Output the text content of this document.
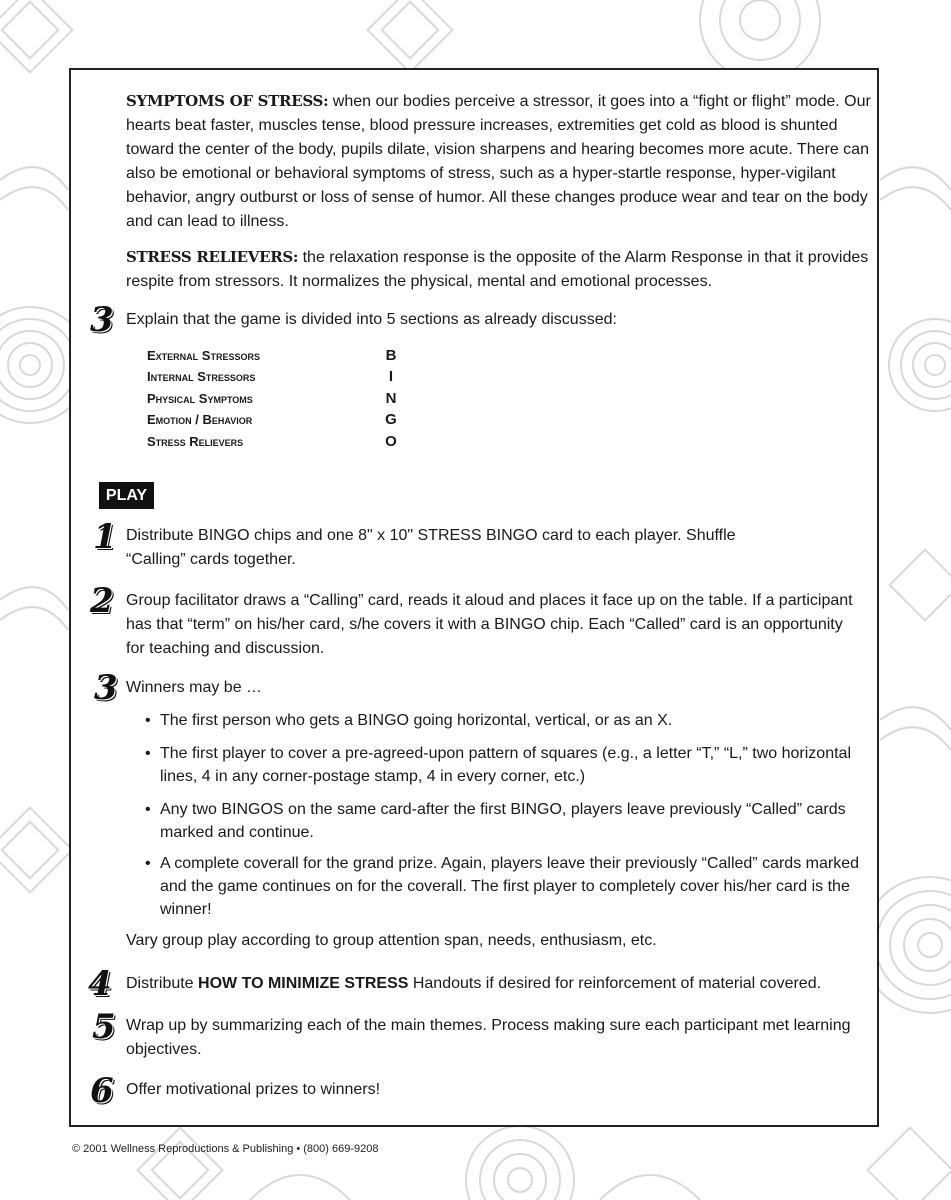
SYMPTOMS OF STRESS: when our bodies perceive a stressor, it goes into a “fight or flight” mode. Our hearts beat faster, muscles tense, blood pressure increases, extremities get cold as blood is shunted toward the center of the body, pupils dilate, vision sharpens and hearing becomes more acute. There can also be emotional or behavioral symptoms of stress, such as a hyper-startle response, hyper-vigilant behavior, angry outburst or loss of sense of humor. All these changes produce wear and tear on the body and can lead to illness.
STRESS RELIEVERS: the relaxation response is the opposite of the Alarm Response in that it provides respite from stressors. It normalizes the physical, mental and emotional processes.
3 Explain that the game is divided into 5 sections as already discussed:
External Stressors	B
Internal Stressors	I
Physical Symptoms	N
Emotion / Behavior	G
Stress Relievers	O
PLAY
1 Distribute BINGO chips and one 8" x 10" STRESS BINGO card to each player. Shuffle “Calling” cards together.
2 Group facilitator draws a “Calling” card, reads it aloud and places it face up on the table. If a participant has that “term” on his/her card, s/he covers it with a BINGO chip. Each “Called” card is an opportunity for teaching and discussion.
3 Winners may be …
• The first person who gets a BINGO going horizontal, vertical, or as an X.
• The first player to cover a pre-agreed-upon pattern of squares (e.g., a letter “T,” “L,” two horizontal lines, 4 in any corner-postage stamp, 4 in every corner, etc.)
• Any two BINGOS on the same card-after the first BINGO, players leave previously “Called” cards marked and continue.
• A complete coverall for the grand prize. Again, players leave their previously “Called” cards marked and the game continues on for the coverall. The first player to completely cover his/her card is the winner!
Vary group play according to group attention span, needs, enthusiasm, etc.
4 Distribute HOW TO MINIMIZE STRESS Handouts if desired for reinforcement of material covered.
5 Wrap up by summarizing each of the main themes. Process making sure each participant met learning objectives.
6 Offer motivational prizes to winners!
© 2001 Wellness Reproductions & Publishing • (800) 669-9208
